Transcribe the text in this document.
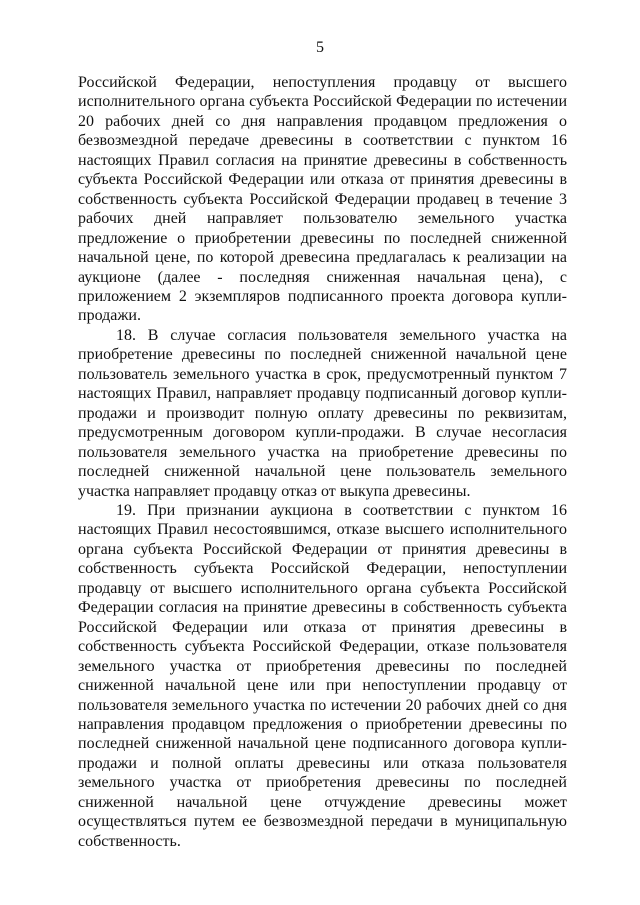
5

Российской Федерации, непоступления продавцу от высшего исполнительного органа субъекта Российской Федерации по истечении 20 рабочих дней со дня направления продавцом предложения о безвозмездной передаче древесины в соответствии с пунктом 16 настоящих Правил согласия на принятие древесины в собственность субъекта Российской Федерации или отказа от принятия древесины в собственность субъекта Российской Федерации продавец в течение 3 рабочих дней направляет пользователю земельного участка предложение о приобретении древесины по последней сниженной начальной цене, по которой древесина предлагалась к реализации на аукционе (далее - последняя сниженная начальная цена), с приложением 2 экземпляров подписанного проекта договора купли-продажи.

18. В случае согласия пользователя земельного участка на приобретение древесины по последней сниженной начальной цене пользователь земельного участка в срок, предусмотренный пунктом 7 настоящих Правил, направляет продавцу подписанный договор купли-продажи и производит полную оплату древесины по реквизитам, предусмотренным договором купли-продажи. В случае несогласия пользователя земельного участка на приобретение древесины по последней сниженной начальной цене пользователь земельного участка направляет продавцу отказ от выкупа древесины.

19. При признании аукциона в соответствии с пунктом 16 настоящих Правил несостоявшимся, отказе высшего исполнительного органа субъекта Российской Федерации от принятия древесины в собственность субъекта Российской Федерации, непоступлении продавцу от высшего исполнительного органа субъекта Российской Федерации согласия на принятие древесины в собственность субъекта Российской Федерации или отказа от принятия древесины в собственность субъекта Российской Федерации, отказе пользователя земельного участка от приобретения древесины по последней сниженной начальной цене или при непоступлении продавцу от пользователя земельного участка по истечении 20 рабочих дней со дня направления продавцом предложения о приобретении древесины по последней сниженной начальной цене подписанного договора купли-продажи и полной оплаты древесины или отказа пользователя земельного участка от приобретения древесины по последней сниженной начальной цене отчуждение древесины может осуществляться путем ее безвозмездной передачи в муниципальную собственность.
